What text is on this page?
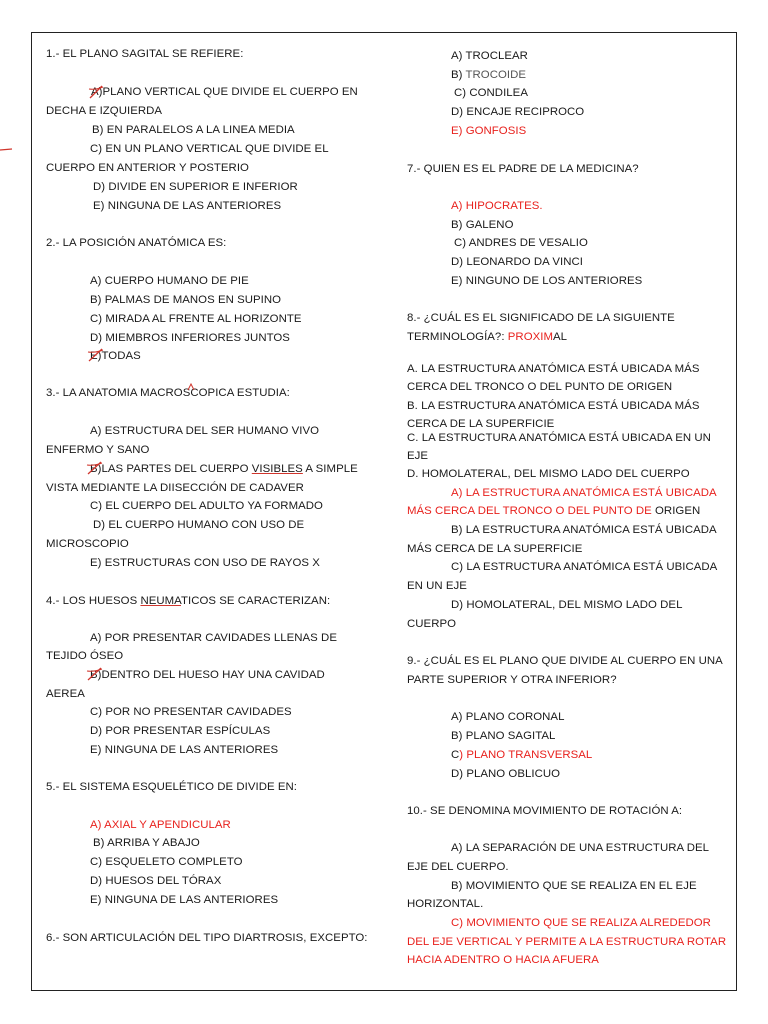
1.- EL PLANO SAGITAL SE REFIERE:
A)PLANO VERTICAL QUE DIVIDE EL CUERPO EN
DECHA E IZQUIERDA
B) EN PARALELOS A LA LINEA MEDIA
C) EN UN PLANO VERTICAL QUE DIVIDE EL
CUERPO EN ANTERIOR Y POSTERIO
D) DIVIDE EN SUPERIOR E INFERIOR
E) NINGUNA DE LAS ANTERIORES
2.- LA POSICIÓN ANATÓMICA ES:
A) CUERPO HUMANO DE PIE
B) PALMAS DE MANOS EN SUPINO
C) MIRADA AL FRENTE AL HORIZONTE
D) MIEMBROS INFERIORES JUNTOS
E)TODAS
3.- LA ANATOMIA MACROSCOPICA ESTUDIA:
A) ESTRUCTURA DEL SER HUMANO VIVO
ENFERMO Y SANO
B)LAS PARTES DEL CUERPO VISIBLES A SIMPLE
VISTA MEDIANTE LA DIISECCIÓN DE CADAVER
C) EL CUERPO DEL ADULTO YA FORMADO
D) EL CUERPO HUMANO CON USO DE
MICROSCOPIO
E) ESTRUCTURAS CON USO DE RAYOS X
4.- LOS HUESOS NEUMATICOS SE CARACTERIZAN:
A) POR PRESENTAR CAVIDADES LLENAS DE
TEJIDO ÓSEO
B)DENTRO DEL HUESO HAY UNA CAVIDAD
AEREA
C) POR NO PRESENTAR CAVIDADES
D) POR PRESENTAR ESPÍCULAS
E) NINGUNA DE LAS ANTERIORES
5.- EL SISTEMA ESQUELÉTICO DE DIVIDE EN:
A) AXIAL Y APENDICULAR
B) ARRIBA Y ABAJO
C) ESQUELETO COMPLETO
D) HUESOS DEL TÓRAX
E) NINGUNA DE LAS ANTERIORES
6.- SON ARTICULACIÓN DEL TIPO DIARTROSIS, EXCEPTO:
A) TROCLEAR
B) TROCOIDE
C) CONDILEA
D) ENCAJE RECIPROCO
E) GONFOSIS
7.- QUIEN ES EL PADRE DE LA MEDICINA?
A) HIPOCRATES.
B) GALENO
C) ANDRES DE VESALIO
D) LEONARDO DA VINCI
E) NINGUNO DE LOS ANTERIORES
8.- ¿CUÁL ES EL SIGNIFICADO DE LA SIGUIENTE
TERMINOLOGÍA?: PROXIMAL
A. LA ESTRUCTURA ANATÓMICA ESTÁ UBICADA MÁS
CERCA DEL TRONCO O DEL PUNTO DE ORIGEN
B. LA ESTRUCTURA ANATÓMICA ESTÁ UBICADA MÁS
CERCA DE LA SUPERFICIE
C. LA ESTRUCTURA ANATÓMICA ESTÁ UBICADA EN UN
EJE
D. HOMOLATERAL, DEL MISMO LADO DEL CUERPO
A) LA ESTRUCTURA ANATÓMICA ESTÁ UBICADA
MÁS CERCA DEL TRONCO O DEL PUNTO DE ORIGEN
B) LA ESTRUCTURA ANATÓMICA ESTÁ UBICADA
MÁS CERCA DE LA SUPERFICIE
C) LA ESTRUCTURA ANATÓMICA ESTÁ UBICADA
EN UN EJE
D) HOMOLATERAL, DEL MISMO LADO DEL
CUERPO
9.- ¿CUÁL ES EL PLANO QUE DIVIDE AL CUERPO EN UNA
PARTE SUPERIOR Y OTRA INFERIOR?
A) PLANO CORONAL
B) PLANO SAGITAL
C) PLANO TRANSVERSAL
D) PLANO OBLICUO
10.- SE DENOMINA MOVIMIENTO DE ROTACIÓN A:
A) LA SEPARACIÓN DE UNA ESTRUCTURA DEL
EJE DEL CUERPO.
B) MOVIMIENTO QUE SE REALIZA EN EL EJE
HORIZONTAL.
C) MOVIMIENTO QUE SE REALIZA ALREDEDOR
DEL EJE VERTICAL Y PERMITE A LA ESTRUCTURA ROTAR
HACIA ADENTRO O HACIA AFUERA
